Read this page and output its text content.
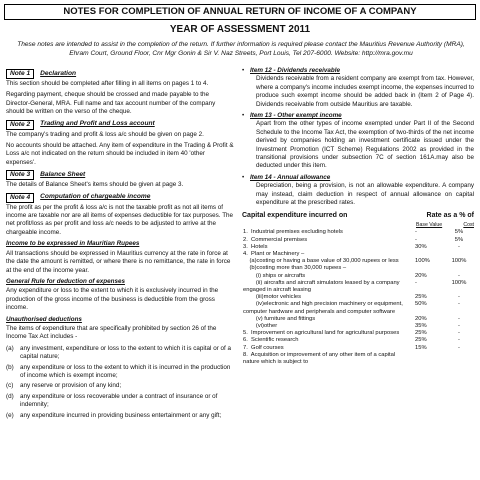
NOTES FOR COMPLETION OF ANNUAL RETURN OF INCOME OF A COMPANY
YEAR OF ASSESSMENT 2011
These notes are intended to assist in the completion of the return. If further information is required please contact the Mauritius Revenue Authority (MRA), Ehram Court, Ground Floor, Cnr Mgr Gonin & Sir V. Naz Streets, Port Louis, Tel 207-6000. Website: http://mra.gov.mu
Note 1	Declaration

This section should be completed after filling in all items on pages 1 to 4.

Regarding payment, cheque should be crossed and made payable to the Director-General, MRA. Full name and tax account number of the company should be written on the verso of the cheque.

Note 2	Trading and Profit and Loss account

The company's trading and profit & loss a/c should be given on page 2.

No accounts should be attached. Any item of expenditure in the Trading & Profit & Loss a/c not indicated on the return should be included in item 40 'other expenses'.

Note 3	Balance Sheet

The details of Balance Sheet's items should be given at page 3.

Note 4	Computation of chargeable income

The profit as per the profit & loss a/c is not the taxable profit as not all items of income are taxable nor are all items of expenses deductible for tax purposes. The net profit/loss as per profit and loss a/c needs to be adjusted to arrive at the chargeable income.

Income to be expressed in Mauritian Rupees

All transactions should be expressed in Mauritius currency at the rate in force at the date the amount is remitted, or where there is no remittance, the rate in force at the end of the income year.

General Rule for deduction of expenses

Any expenditure or loss to the extent to which it is exclusively incurred in the production of the gross income of the business is deductible from the gross income.

Unauthorised deductions

The items of expenditure that are specifically prohibited by section 26 of the Income Tax Act includes -

(a) any investment, expenditure or loss to the extent to which it is capital or of a capital nature;
(b) any expenditure or loss to the extent to which it is incurred in the production of income which is exempt income;
(c)	any reserve or provision of any kind;
(d) any expenditure or loss recoverable under a contract of insurance or of indemnity;
(e) any expenditure incurred in providing business entertainment or any gift;
• Item 12 - Dividends receivable
Dividends receivable from a resident company are exempt from tax. However, where a company's income includes exempt income, the expenses incurred to produce such exempt income should be added back in (Item 2 of Page 4). Dividends receivable from outside Mauritius are taxable.
• Item 13 - Other exempt income
Apart from the other types of income exempted under Part II of the Second Schedule to the Income Tax Act, the exemption of two-thirds of the net income derived by companies holding an investment certificate issued under the Investment Promotion (ICT Scheme) Regulations 2002 as provided in the transitional provisions under subsection 7C of section 161A.may also be deducted under this item.
• Item 14 - Annual allowance
Depreciation, being a provision, is not an allowable expenditure. A company may instead, claim deduction in respect of annual allowance on capital expenditure at the prescribed rates.
Capital expenditure incurred on	Rate as a % of
Base Value	Cost
1.  Industrial premises excluding hotels	-	5%
2.  Commercial premises	-	5%
3.  Hotels	30%	-
4.  Plant or Machinery –		
(a)costing or having a base value of 30,000 rupees or less	100%	100%
(b)costing more than 30,000 rupees –		
(i) ships or aircrafts	20%	-
(ii) aircrafts and aircraft simulators leased by a company engaged in aircraft leasing	-	100%
(iii)motor vehicles	25%	-
(iv)electronic and high precision machinery or equipment, computer hardware and peripherals and computer software	50%	-
(v) furniture and fittings	20%	-
(vi)other	35%	-
5.  Improvement on agricultural land for agricultural purposes	25%	-
6.  Scientific research	25%	-
7.  Golf courses	15%	-
8.  Acquisition or improvement of any other item of a capital nature which is subject to		
